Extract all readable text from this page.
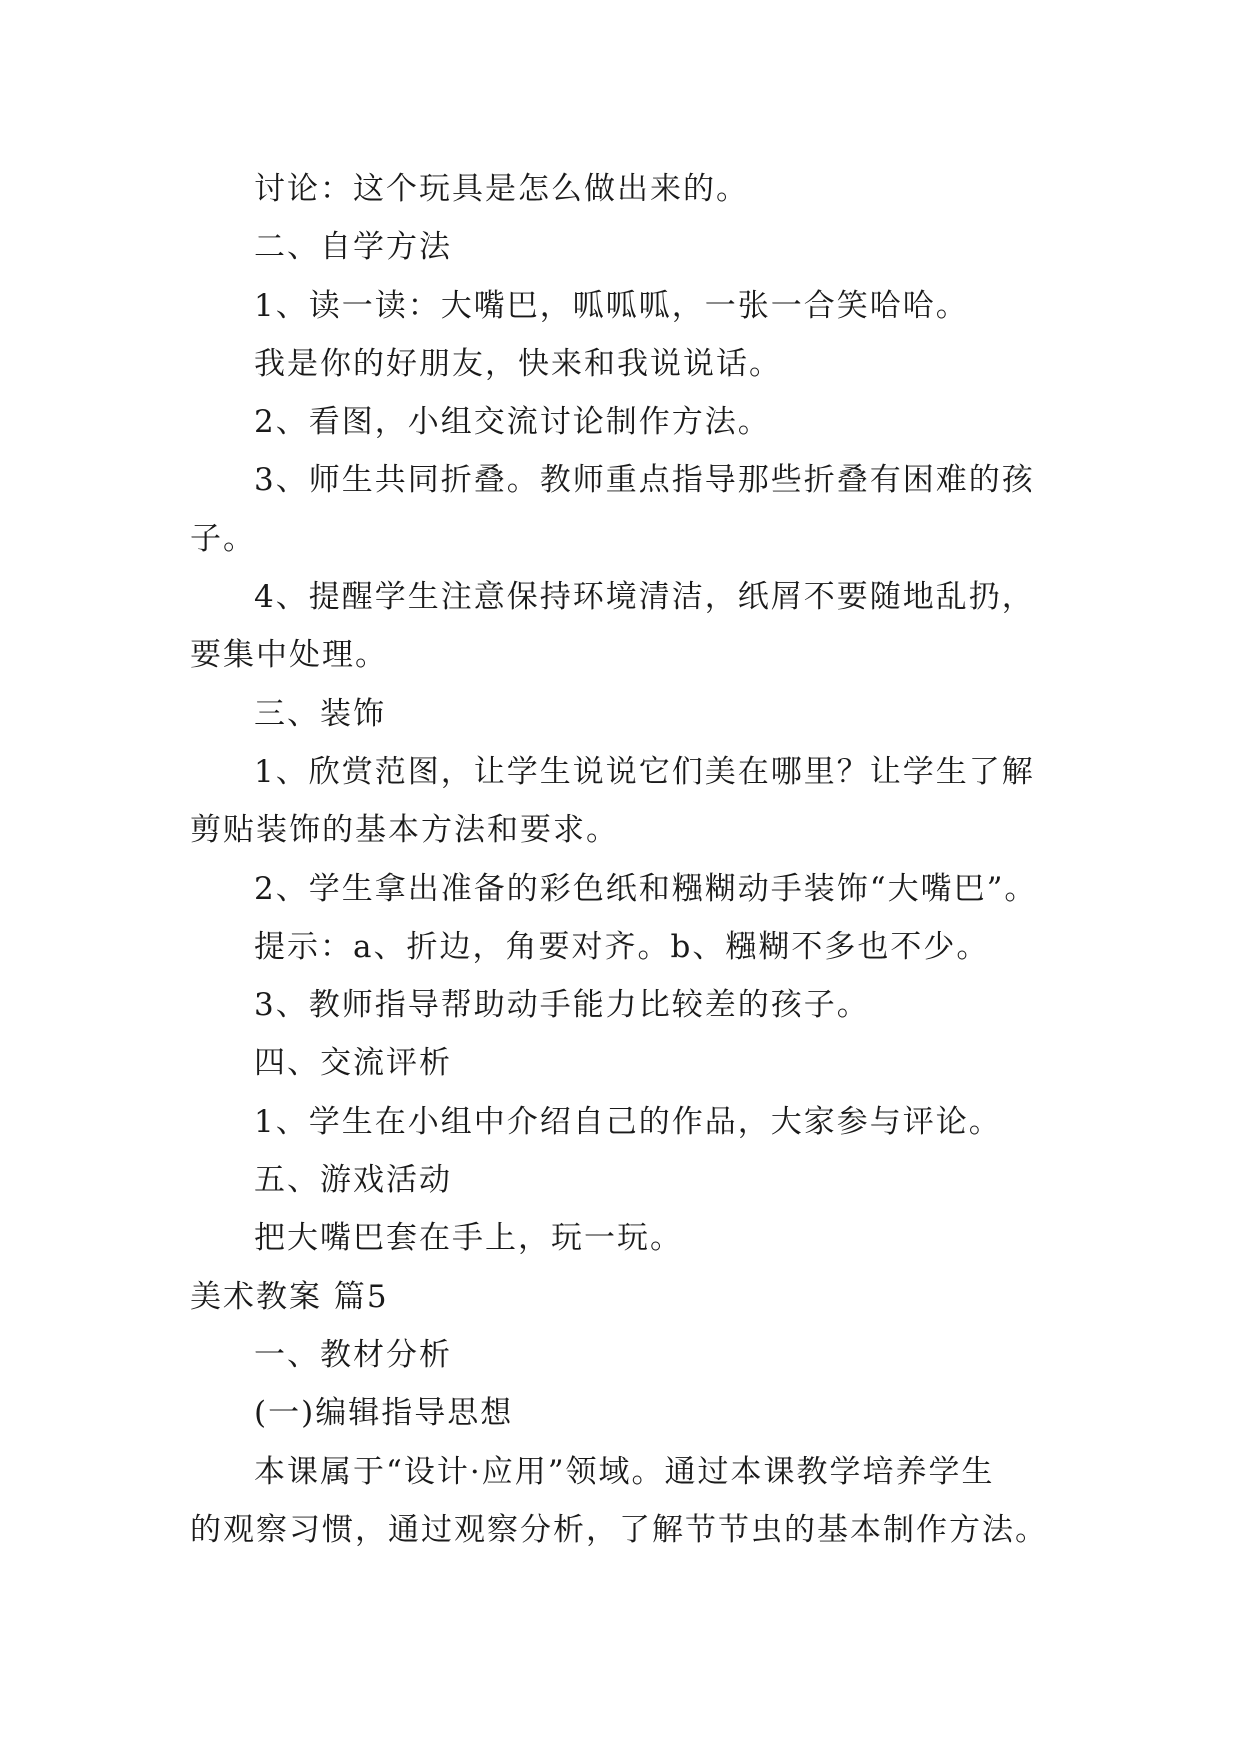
讨论：这个玩具是怎么做出来的。
二、自学方法
1、读一读：大嘴巴，呱呱呱，一张一合笑哈哈。
我是你的好朋友，快来和我说说话。
2、看图，小组交流讨论制作方法。
3、师生共同折叠。教师重点指导那些折叠有困难的孩
子。
4、提醒学生注意保持环境清洁，纸屑不要随地乱扔，
要集中处理。
三、装饰
1、欣赏范图，让学生说说它们美在哪里？让学生了解
剪贴装饰的基本方法和要求。
2、学生拿出准备的彩色纸和糨糊动手装饰“大嘴巴”。
提示：a、折边，角要对齐。b、糨糊不多也不少。
3、教师指导帮助动手能力比较差的孩子。
四、交流评析
1、学生在小组中介绍自己的作品，大家参与评论。
五、游戏活动
把大嘴巴套在手上，玩一玩。
美术教案 篇5
一、教材分析
(一)编辑指导思想
本课属于“设计·应用”领域。通过本课教学培养学生
的观察习惯，通过观察分析，了解节节虫的基本制作方法。
